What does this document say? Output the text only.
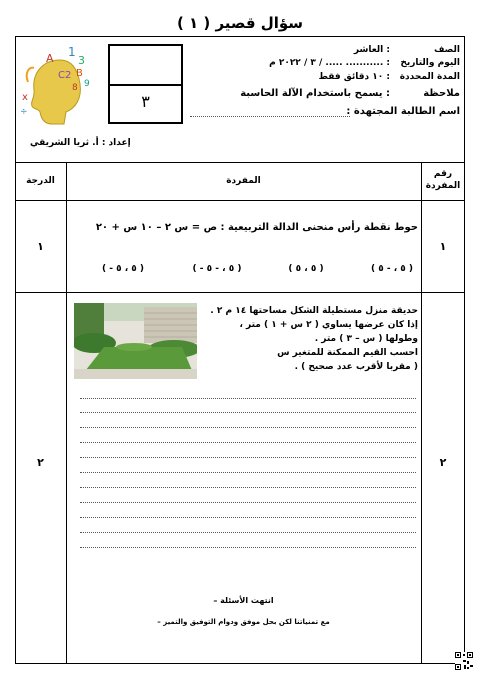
سؤال قصير ( ١ )
A 1
3
C2 B
9
x
÷
8
٣
الصف
: العاشر
اليوم والتاريخ
: ........... ..... / ٣ / ٢٠٢٢ م
المدة المحددة
: ١٠ دقائق فقط
ملاحظة
: يسمح باستخدام الآلة الحاسبة
اسم الطالبة المجتهدة :
إعداد : أ. ثريا الشريقي
رقم المفردة
المفردة
الدرجة
١
١
حوط نقطة رأس منحنى الدالة التربيعية : ص = س ٢ – ١٠ س + ٢٠
( ٥ ، - ٥ )
( ٥ ، ٥ )
( - ٥ ، - ٥ )
( - ٥ ، ٥ )
٢
٢
حديقة منزل مستطيلة الشكل مساحتها ١٤ م ٢ .
إذا كان عرضها يساوي ( ٢ س + ١ ) متر ،
وطولها ( س – ٣ ) متر .
احسب القيم الممكنة للمتغير س
( مقربا لأقرب عدد صحيح ) .
انتهت الأسئلة –
مع تمنياتنا لكن بحل موفق ودوام التوفيق والتميز –
